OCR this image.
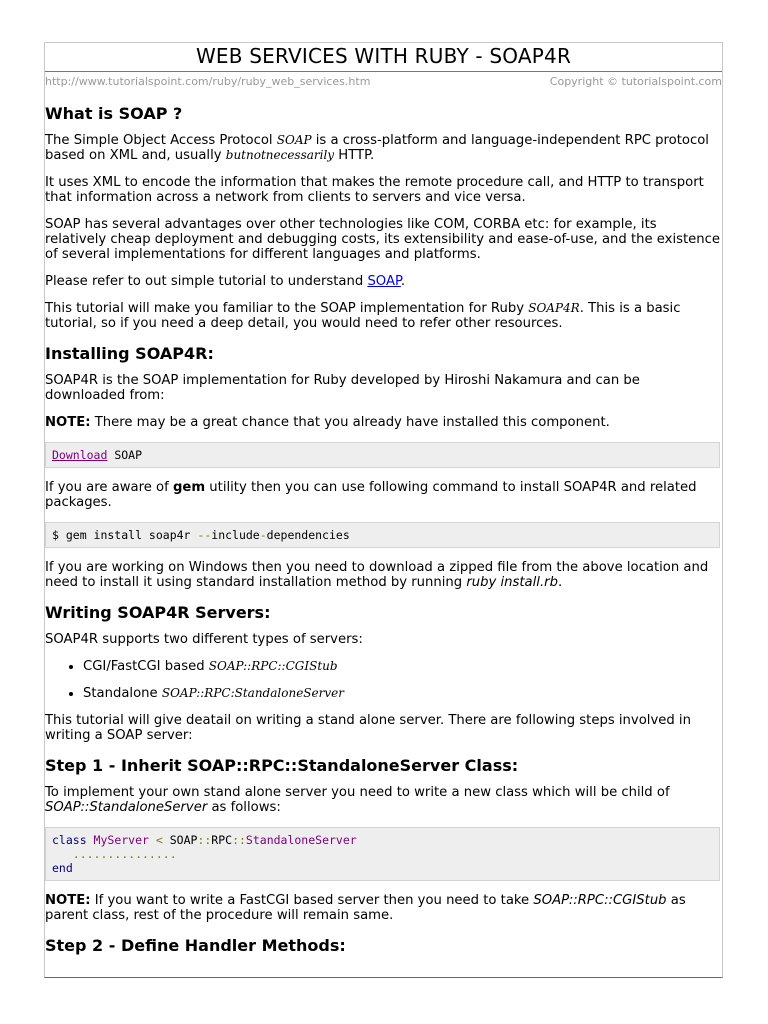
WEB SERVICES WITH RUBY - SOAP4R
http://www.tutorialspoint.com/ruby/ruby_web_services.htm	Copyright © tutorialspoint.com
What is SOAP ?

The Simple Object Access Protocol SOAP is a cross-platform and language-independent RPC protocol based on XML and, usually butnotnecessarily HTTP.

It uses XML to encode the information that makes the remote procedure call, and HTTP to transport that information across a network from clients to servers and vice versa.

SOAP has several advantages over other technologies like COM, CORBA etc: for example, its relatively cheap deployment and debugging costs, its extensibility and ease-of-use, and the existence of several implementations for different languages and platforms.

Please refer to out simple tutorial to understand SOAP.

This tutorial will make you familiar to the SOAP implementation for Ruby SOAP4R. This is a basic tutorial, so if you need a deep detail, you would need to refer other resources.

Installing SOAP4R:

SOAP4R is the SOAP implementation for Ruby developed by Hiroshi Nakamura and can be downloaded from:

NOTE: There may be a great chance that you already have installed this component.

Download SOAP

If you are aware of gem utility then you can use following command to install SOAP4R and related packages.

$ gem install soap4r --include-dependencies

If you are working on Windows then you need to download a zipped file from the above location and need to install it using standard installation method by running ruby install.rb.

Writing SOAP4R Servers:

SOAP4R supports two different types of servers:

• CGI/FastCGI based SOAP::RPC::CGIStub
• Standalone SOAP::RPC:StandaloneServer

This tutorial will give deatail on writing a stand alone server. There are following steps involved in writing a SOAP server:

Step 1 - Inherit SOAP::RPC::StandaloneServer Class:

To implement your own stand alone server you need to write a new class which will be child of SOAP::StandaloneServer as follows:

class MyServer < SOAP::RPC::StandaloneServer
...............
end

NOTE: If you want to write a FastCGI based server then you need to take SOAP::RPC::CGIStub as parent class, rest of the procedure will remain same.

Step 2 - Define Handler Methods:
